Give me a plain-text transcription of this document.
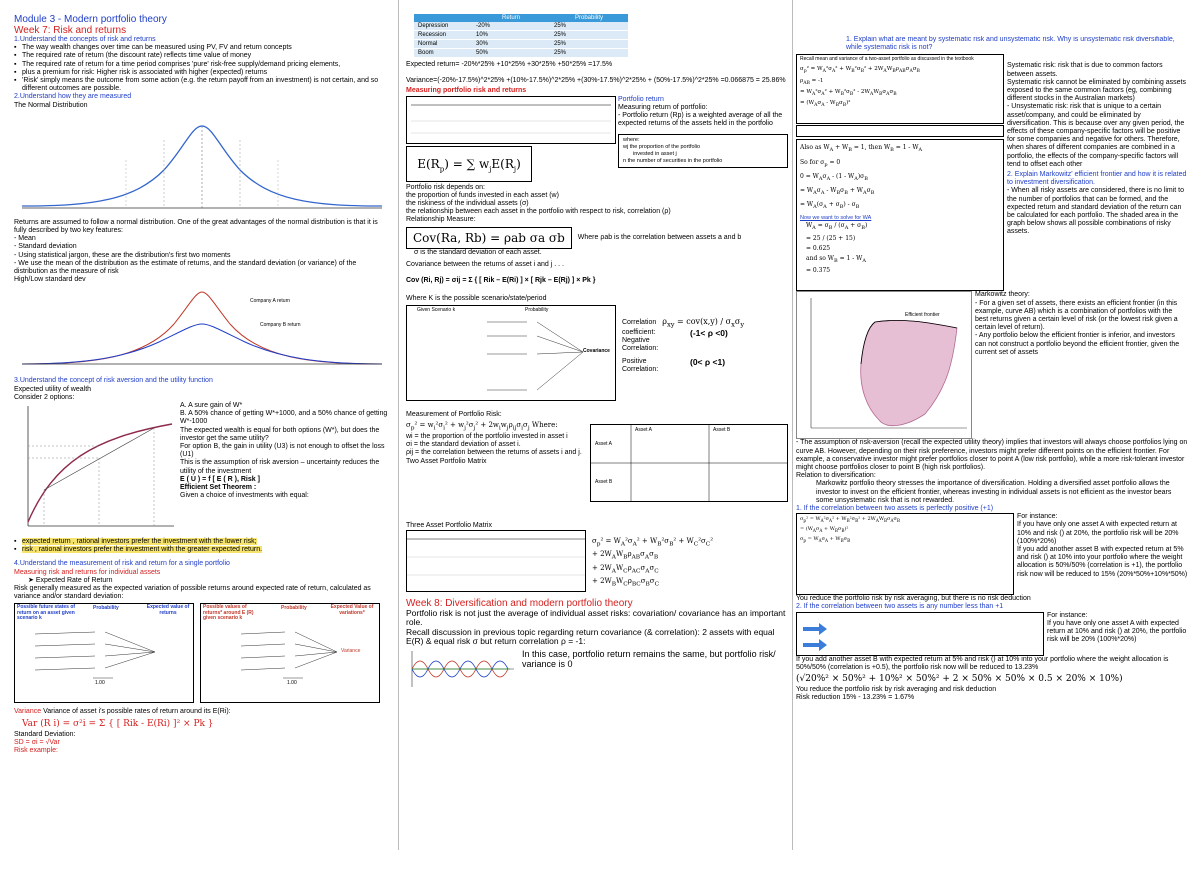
Module 3 - Modern portfolio theory
Week 7: Risk and returns
1.Understand the concepts of risk and returns
▪ The way wealth changes over time can be measured using PV, FV and return concepts
▪ The required rate of return (the discount rate) reflects time value of money
▪ The required rate of return for a time period comprises 'pure' risk-free supply/demand pricing elements,
▪ plus a premium for risk: Higher risk is associated with higher (expected) returns
▪ 'Risk' simply means the outcome from some action (e.g. the return payoff from an investment) is not certain, and so different outcomes are possible.
2.Understand how they are measured
The Normal Distribution
Returns are assumed to follow a normal distribution. One of the great advantages of the normal distribution is that it is fully described by two key features:
- Mean
- Standard deviation
- Using statistical jargon, these are the distribution's first two moments
- We use the mean of the distribution as the estimate of returns, and the standard deviation (or variance) of the distribution as the measure of risk
High/Low standard dev
Company A return
Company B return
3.Understand the concept of risk aversion and the utility function
Expected utility of wealth
Consider 2 options:
A. A sure gain of W*
B. A 50% chance of getting W*+1000, and a 50% chance of getting W*-1000
The expected wealth is equal for both options (W*), but does the investor get the same utility?
For option B, the gain in utility (U3) is not enough to offset the loss (U1)
This is the assumption of risk aversion – uncertainty reduces the utility of the investment
E ( U ) = f [ E ( R ), Risk ]
Efficient Set Theorem :
Given a choice of investments with equal:
▪ expected return , rational investors prefer the investment with the lower risk;
▪ risk , rational investors prefer the investment with the greater expected return.
4.Understand the measurement of risk and return for a single portfolio
Measuring risk and returns for individual assets
➤ Expected Rate of Return
Risk generally measured as the expected variation of possible returns around expected rate of return, calculated as variance and/or standard deviation:
Possible future states of return on an asset given scenario k
Probability	Expected value of returns
1.00
Possible values of returns* around E (R) given scenario k
Probability	Expected Value of variations*
Variance
1.00
Variance Variance of asset i's possible rates of return around its E(Ri):
Var (R i) = σ²i = Σ { [ Rik - E(Ri) ]² × Pk }
Standard Deviation:
SD = σi = √Var
Risk example:
	Return	Probability
Depression	-20%	25%
Recession	10%	25%
Normal	30%	25%
Boom	50%	25%
Expected return= -20%*25% +10*25% +30*25% +50*25% =17.5%
Variance=(-20%-17.5%)^2*25% +(10%-17.5%)^2*25% +(30%-17.5%)^2*25% + (50%-17.5%)^2*25% =0.066875 = 25.86%
Measuring portfolio risk and returns
$E(R_p)$ = ∑ $w_jE(R_j)$
Portfolio return
Measuring return of portfolio:
- Portfolio return (Rp) is a weighted average of all the expected returns of the assets held in the portfolio
where:
wj the proportion of the portfolio
invested in asset j
n the number of securities in the portfolio
Portfolio risk depends on:
the proportion of funds invested in each asset (w)
the riskiness of the individual assets (σ)
the relationship between each asset in the portfolio with respect to risk, correlation (ρ)
Relationship Measure:
Cov(Ra, Rb) = ρab σa σb	Where ρab is the correlation between assets a and b
σ is the standard deviation of each asset.
Covariance between the returns of asset i and j . . .
Cov (Ri, Rj) = σij = Σ { [ Rik – E(Ri) ] × [ Rjk – E(Rj) ] × Pk }
Where K is the possible scenario/state/period
Given Scenario k	Probability
Covariance
Correlation $\rho_{xy} = cov(x,y) / \sigma_x\sigma_y$
coefficient:
Negative Correlation:
(-1< ρ <0)
Positive Correlation:
(0< ρ <1)
Measurement of Portfolio Risk:
$\sigma_p^2 = w_i^2\sigma_i^2 + w_j^2\sigma_j^2 + 2w_iw_j\rho_{ij}\sigma_i\sigma_j$ Where:
wi = the proportion of the portfolio invested in asset i
σi = the standard deviation of asset i.
ρij = the correlation between the returns of assets i and j.
Two Asset Portfolio Matrix
Asset A	Asset B
Asset A
Asset B
Three Asset Portfolio Matrix
$\sigma_p^2 = W_A^2\sigma_A^2 + W_B^2\sigma_B^2 + W_C^2\sigma_C^2$
+ $2W_AW_B\rho_{AB}\sigma_A\sigma_B$
+ $2W_AW_C\rho_{AC}\sigma_A\sigma_C$
+ $2W_BW_C\rho_{BC}\sigma_B\sigma_C$
Week 8: Diversification and modern portfolio theory
Portfolio risk is not just the average of individual asset risks: covariation/ covariance has an important role.
Recall discussion in previous topic regarding return covariance (& correlation): 2 assets with equal E(R) & equal risk σ but return correlation ρ = -1:
In this case, portfolio return remains the same, but portfolio risk/ variance is 0
1. Explain what are meant by systematic risk and unsystematic risk. Why is unsystematic risk diversifiable, while systematic risk is not?
Recall mean and variance of a two-asset portfolio as discussed in the textbook
$\sigma_p^2 = W_A^2\sigma_A^2 + W_B^2\sigma_B^2 + 2W_AW_B\rho_{AB}\sigma_A\sigma_B$
$\rho_{AB} = -1$
= $W_A^2\sigma_A^2 + W_B^2\sigma_B^2 - 2W_AW_B\sigma_A\sigma_B$
= $(W_A\sigma_A - W_B\sigma_B)^2$
Also as $W_A + W_B = 1$, then $W_B = 1 - W_A$
So for $\sigma_p = 0$
$0 = W_A\sigma_A - (1 - W_A)\sigma_B$
= $W_A\sigma_A - W_B\sigma_B + W_A\sigma_B$
= $W_A(\sigma_A + \sigma_B) - \sigma_B$
Now we want to solve for WA
$W_A = \sigma_B / (\sigma_A + \sigma_B)$
= 25 / (25 + 15)
= 0.625
and so $W_B = 1 - W_A$
= 0.375
Systematic risk: risk that is due to common factors between assets.
Systematic risk cannot be eliminated by combining assets
exposed to the same common factors (eg, combining different stocks in the Australian markets)
- Unsystematic risk: risk that is unique to a certain asset/company, and could be eliminated by diversification. This is because over any given period, the effects of these company-specific factors will be positive for some companies and negative for others. Therefore, when shares of different companies are combined in a portfolio, the effects of the company-specific factors will tend to offset each other
2. Explain Markowitz' efficient frontier and how it is related to investment diversification.
- When all risky assets are considered, there is no limit to the number of portfolios that can be formed, and the expected return and standard deviation of the return can be calculated for each portfolio. The shaded area in the graph below shows all possible combinations of risky assets.
Efficient frontier
Markowitz theory:
- For a given set of assets, there exists an efficient frontier (in this example, curve AB) which is a combination of portfolios with the best returns given a certain level of risk (or the lowest risk given a certain level of return).
- Any portfolio below the efficient frontier is inferior, and investors can not construct a portfolio beyond the efficient frontier, given the current set of assets
- The assumption of risk-aversion (recall the expected utility theory) implies that investors will always choose portfolios lying on curve AB. However, depending on their risk preference, investors might prefer different points on the efficient frontier. For example, a conservative investor might prefer portfolios closer to point A (low risk portfolio), while a more risk-tolerant investor might choose portfolios closer to point B (high risk portfolios).
Relation to diversification:
Markowitz portfolio theory stresses the importance of diversification. Holding a diversified asset portfolio allows the investor to invest on the efficient frontier, whereas investing in individual assets is not efficient as the investor bears some unsystematic risk that is not rewarded.
1. If the correlation between two assets is perfectly positive (+1)
$\sigma_p^2 = W_A^2\sigma_A^2 + W_B^2\sigma_B^2 + 2W_AW_B\sigma_A\sigma_B$
= $(W_A\sigma_A + W_B\sigma_B)^2$
$\sigma_p = W_A\sigma_A + W_B\sigma_B$
For instance:
If you have only one asset A with expected return at 10% and risk () at 20%, the portfolio risk will be 20% (100%*20%)
If you add another asset B with expected return at 5% and risk () at 10% into your portfolio where the weight allocation is 50%/50% (correlation is +1), the portfolio risk now will be reduced to 15% (20%*50%+10%*50%)
You reduce the portfolio risk by risk averaging, but there is no risk deduction
2. If the correlation between two assets is any number less than +1
For instance:
If you have only one asset A with expected return at 10% and risk () at 20%, the portfolio risk will be 20% (100%*20%)
If you add another asset B with expected return at 5% and risk () at 10% into your portfolio where the weight allocation is 50%/50% (correlation is +0.5), the portfolio risk now will be reduced to 13.23%
(√20%² × 50%² + 10%² × 50%² + 2 × 50% × 50% × 0.5 × 20% × 10%)
You reduce the portfolio risk by risk averaging and risk deduction
Risk reduction 15% - 13.23% = 1.67%
